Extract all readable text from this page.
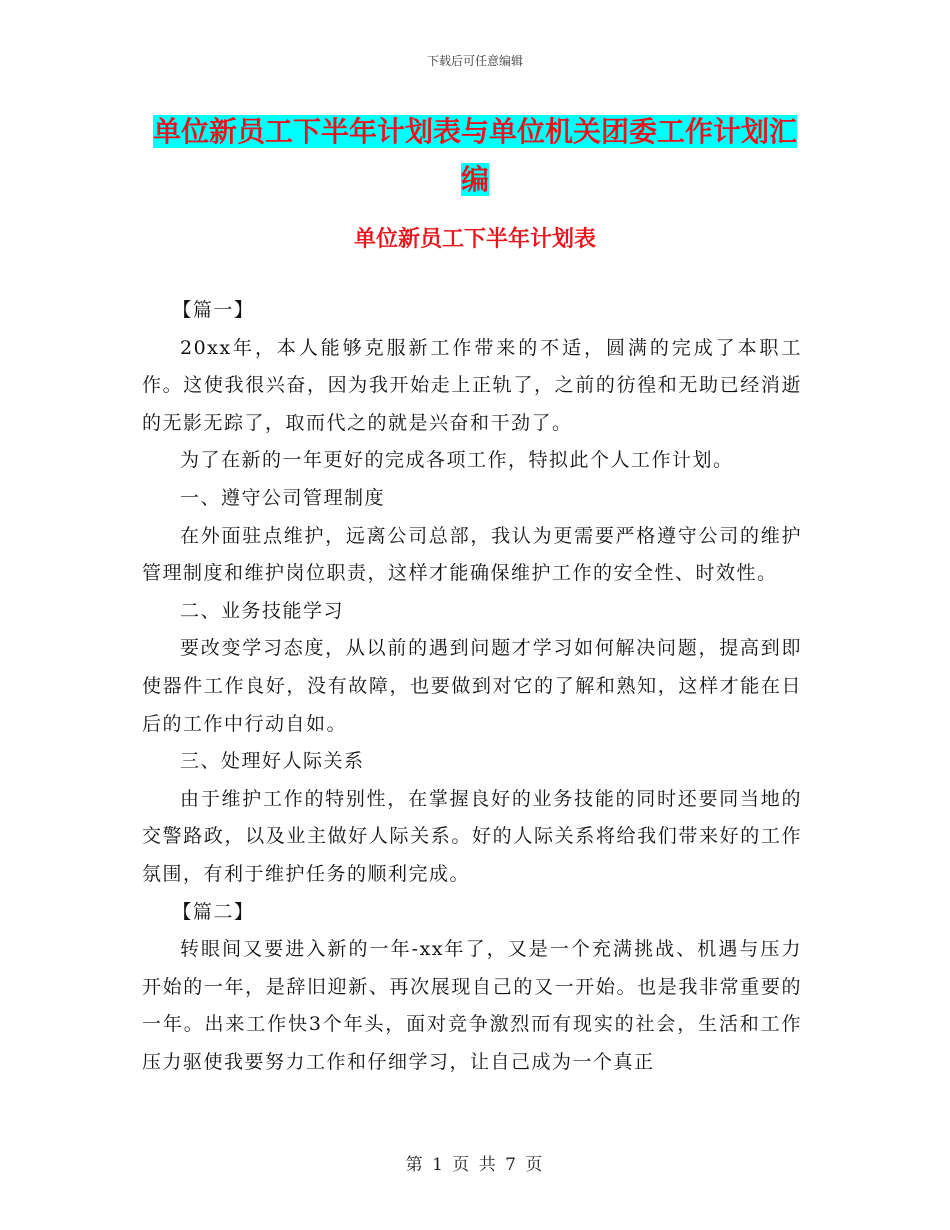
下载后可任意编辑
单位新员工下半年计划表与单位机关团委工作计划汇
编
单位新员工下半年计划表

【篇一】

20xx年，本人能够克服新工作带来的不适，圆满的完成了本职工作。这使我很兴奋，因为我开始走上正轨了，之前的彷徨和无助已经消逝的无影无踪了，取而代之的就是兴奋和干劲了。

为了在新的一年更好的完成各项工作，特拟此个人工作计划。

一、遵守公司管理制度

在外面驻点维护，远离公司总部，我认为更需要严格遵守公司的维护管理制度和维护岗位职责，这样才能确保维护工作的安全性、时效性。

二、业务技能学习

要改变学习态度，从以前的遇到问题才学习如何解决问题，提高到即使器件工作良好，没有故障，也要做到对它的了解和熟知，这样才能在日后的工作中行动自如。

三、处理好人际关系

由于维护工作的特别性，在掌握良好的业务技能的同时还要同当地的交警路政，以及业主做好人际关系。好的人际关系将给我们带来好的工作氛围，有利于维护任务的顺利完成。

【篇二】

转眼间又要进入新的一年-xx年了，又是一个充满挑战、机遇与压力开始的一年，是辞旧迎新、再次展现自己的又一开始。也是我非常重要的一年。出来工作快3个年头，面对竞争激烈而有现实的社会，生活和工作压力驱使我要努力工作和仔细学习，让自己成为一个真正

第 1 页 共 7 页
